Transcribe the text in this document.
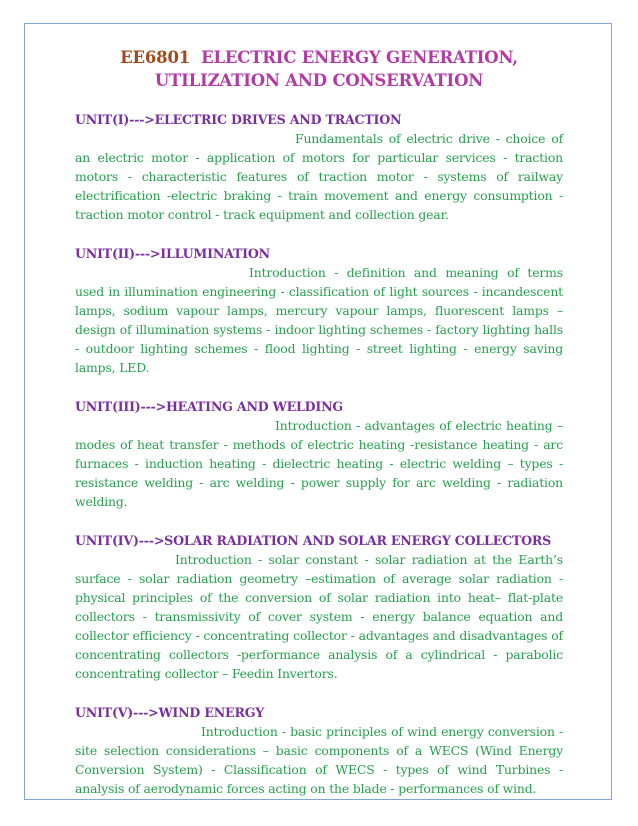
EE6801 ELECTRIC ENERGY GENERATION, UTILIZATION AND CONSERVATION
UNIT(I)--->ELECTRIC DRIVES AND TRACTION
Fundamentals of electric drive - choice of an electric motor - application of motors for particular services - traction motors - characteristic features of traction motor - systems of railway electrification -electric braking - train movement and energy consumption - traction motor control - track equipment and collection gear.
UNIT(II)--->ILLUMINATION
Introduction - definition and meaning of terms used in illumination engineering - classification of light sources - incandescent lamps, sodium vapour lamps, mercury vapour lamps, fluorescent lamps – design of illumination systems - indoor lighting schemes - factory lighting halls - outdoor lighting schemes - flood lighting - street lighting - energy saving lamps, LED.
UNIT(III)--->HEATING AND WELDING
Introduction - advantages of electric heating – modes of heat transfer - methods of electric heating -resistance heating - arc furnaces - induction heating - dielectric heating - electric welding – types - resistance welding - arc welding - power supply for arc welding - radiation welding.
UNIT(IV)--->SOLAR RADIATION AND SOLAR ENERGY COLLECTORS
Introduction - solar constant - solar radiation at the Earth’s surface - solar radiation geometry –estimation of average solar radiation - physical principles of the conversion of solar radiation into heat– flat-plate collectors - transmissivity of cover system - energy balance equation and collector efficiency - concentrating collector - advantages and disadvantages of concentrating collectors -performance analysis of a cylindrical - parabolic concentrating collector – Feedin Invertors.
UNIT(V)--->WIND ENERGY
Introduction - basic principles of wind energy conversion - site selection considerations – basic components of a WECS (Wind Energy Conversion System) - Classification of WECS - types of wind Turbines - analysis of aerodynamic forces acting on the blade - performances of wind.
